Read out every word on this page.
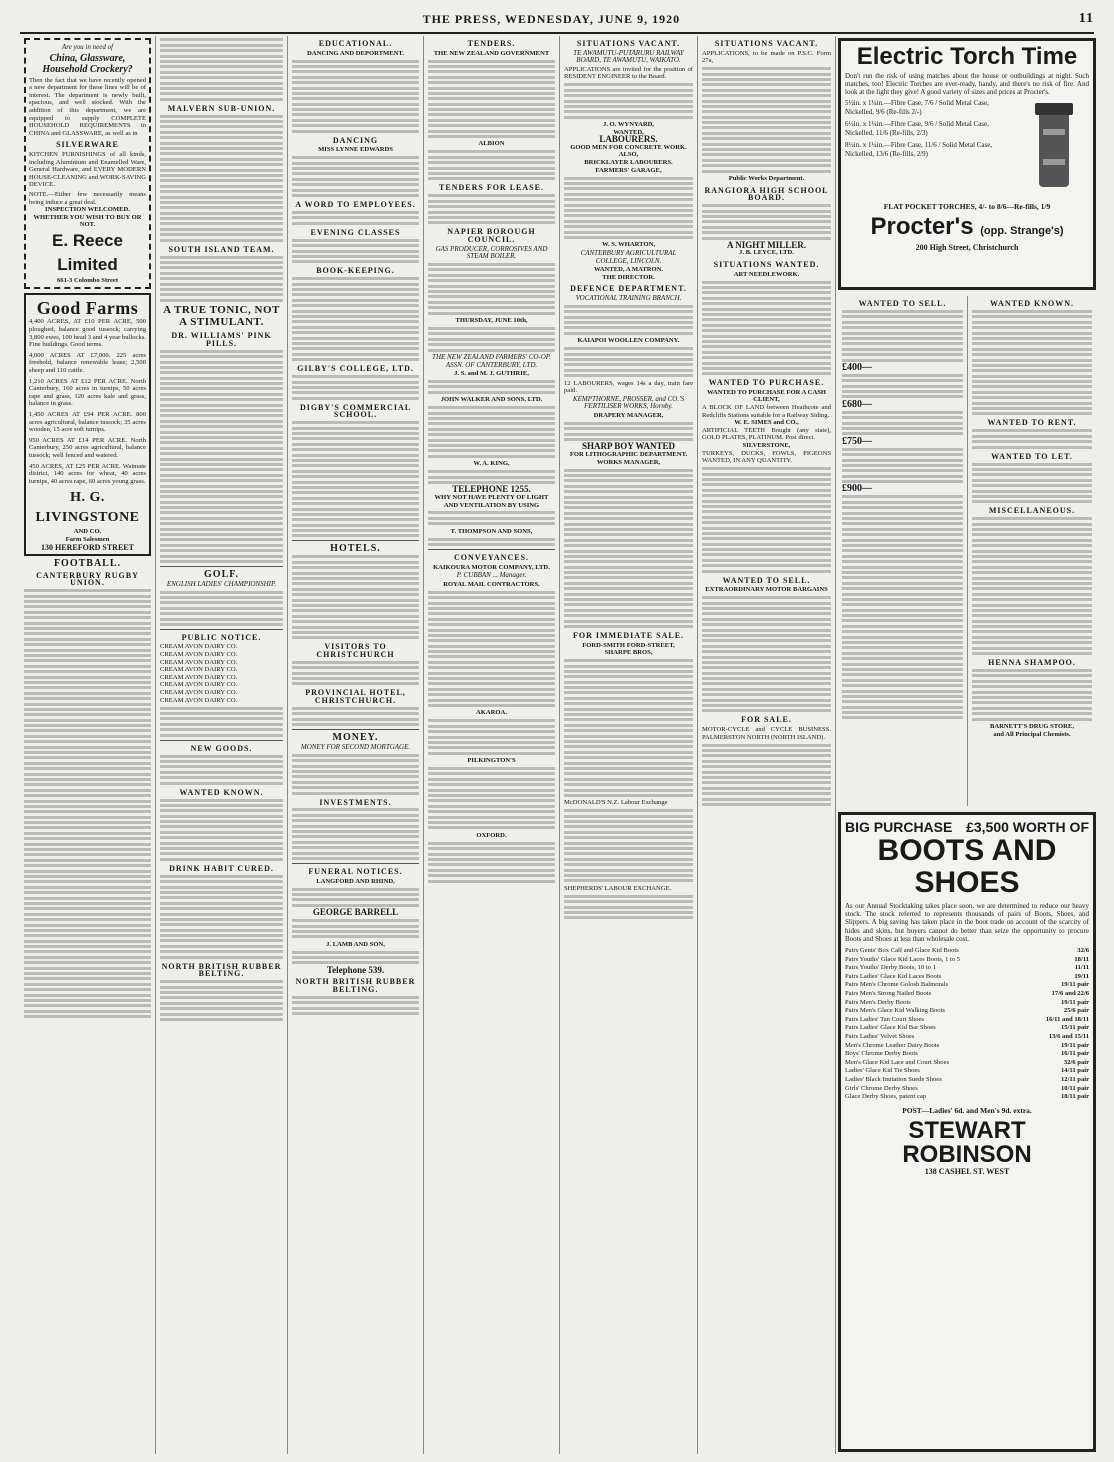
THE PRESS, WEDNESDAY, JUNE 9, 1920	11
Are you in need of
China, Glassware, Household Crockery?
Then the fact that we have recently opened a new department for these lines will be of interest. The department is newly built, spacious, and well stocked. With the addition of this department, we are equipped to supply COMPLETE HOUSEHOLD REQUIREMENTS in CHINA and GLASSWARE, as well as in
SILVERWARE
KITCHEN FURNISHINGS of all kinds, including Aluminium and Enamelled Ware, General Hardware, and EVERY MODERN HOUSE-CLEANING and WORK-SAVING DEVICE.
NOTE.—Either few necessarily means being induce a great deal.
INSPECTION WELCOMED. WHETHER YOU WISH TO BUY OR NOT.
E. Reece Limited
661-3 Colombo Street
Good Farms

4,400 ACRES, AT £10 PER ACRE, 500 ploughed, balance good tussock; carrying 3,800 ewes, 100 head 3 and 4 year bullocks. Fine buildings. Good terms.

4,000 ACRES AT £7,000. 225 acres freehold, balance renewable lease; 2,500 sheep and 110 cattle.

1,210 ACRES AT £12 PER ACRE. North Canterbury, 160 acres in turnips, 50 acres rape and grass, 120 acres kale and grass, balance in grass.

1,450 ACRES AT £94 PER ACRE. 800 acres agricultural, balance tussock; 35 acres wooden, 15 acre soft turnips.

950 ACRES AT £14 PER ACRE. North Canterbury, 250 acres agricultural, balance tussock; well fenced and watered.

450 ACRES, AT £25 PER ACRE. Waimate district, 140 acres for wheat, 40 acres turnips, 40 acres rape, 60 acres young grass.

H. G. LIVINGSTONE
AND CO.
Farm Salesmen
130 HEREFORD STREET
FOOTBALL.
CANTERBURY RUGBY UNION.
MALVERN SUB-UNION.
SOUTH ISLAND TEAM.
A TRUE TONIC, NOT A STIMULANT.
DR. WILLIAMS' PINK PILLS.
GOLF.
ENGLISH LADIES' CHAMPIONSHIP.
PUBLIC NOTICE.
CREAM AVON DAIRY CO.
CREAM AVON DAIRY CO.
CREAM AVON DAIRY CO.
CREAM AVON DAIRY CO.
CREAM AVON DAIRY CO.
CREAM AVON DAIRY CO.
CREAM AVON DAIRY CO.
CREAM AVON DAIRY CO.
NEW GOODS.
WANTED KNOWN.
DRINK HABIT CURED.
NORTH BRITISH RUBBER BELTING.
EDUCATIONAL.
DANCING AND DEPORTMENT.
DANCING
MISS LYNNE EDWARDS
A WORD TO EMPLOYEES.
EVENING CLASSES
BOOK-KEEPING.
GILBY'S COLLEGE, LTD.
DIGBY'S COMMERCIAL SCHOOL.
HOTELS.
VISITORS TO CHRISTCHURCH
PROVINCIAL HOTEL, CHRISTCHURCH.
MONEY.
MONEY FOR SECOND MORTGAGE.
INVESTMENTS.
FUNERAL NOTICES.
LANGFORD AND RHIND,
GEORGE BARRELL
J. LAMB AND SON,
Telephone 539.
NORTH BRITISH RUBBER BELTING.
TENDERS.
THE NEW ZEALAND GOVERNMENT
ALBION
TENDERS FOR LEASE.
NAPIER BOROUGH COUNCIL.
GAS PRODUCER, CORROSIVES AND STEAM BOILER.
THURSDAY, JUNE 10th,
THE NEW ZEALAND FARMERS' CO-OP. ASSN. OF CANTERBURY, LTD.
J. S. and M. J. GUTHRIE,
JOHN WALKER AND SONS, LTD.
W. A. KING,
TELEPHONE 1255.
WHY NOT HAVE PLENTY OF LIGHT AND VENTILATION BY USING
T. THOMPSON AND SONS,
CONVEYANCES.
KAIKOURA MOTOR COMPANY, LTD.
P. CUBBAN ... Manager.
ROYAL MAIL CONTRACTORS.
AKAROA.
PILKINGTON'S
OXFORD.
SITUATIONS VACANT.
TE AWAMUTU-PUTARURU RAILWAY BOARD, TE AWAMUTU, WAIKATO.
APPLICATIONS are invited for the position of RESIDENT ENGINEER to the Board.
J. O. WYNYARD,
WANTED,
LABOURERS.
GOOD MEN FOR CONCRETE WORK.
ALSO,
BRICKLAYER LABOURERS.
FARMERS' GARAGE,
W. S. WHARTON,
CANTERBURY AGRICULTURAL COLLEGE, LINCOLN.
WANTED, A MATRON.
THE DIRECTOR.
DEFENCE DEPARTMENT.
VOCATIONAL TRAINING BRANCH.
KAIAPOI WOOLLEN COMPANY.
12 LABOURERS, wages 14s a day, train fare paid.
KEMPTHORNE, PROSSER, and CO.'S FERTILISER WORKS, Hornby.
DRAPERY MANAGER,
SHARP BOY WANTED
FOR LITHOGRAPHIC DEPARTMENT.
WORKS MANAGER,
FOR IMMEDIATE SALE.
FORD-SMITH FORD-STREET,
SHARPE BROS,
McDONALD'S N.Z. Labour Exchange
SHEPHERDS' LABOUR EXCHANGE.
SITUATIONS VACANT.
APPLICATIONS, to be made on P.S.C. Form 27a,
Public Works Department.
RANGIORA HIGH SCHOOL BOARD.
A NIGHT MILLER.
J. B. LEYCE, LTD.
SITUATIONS WANTED.
ART NEEDLEWORK.
WANTED TO PURCHASE.
WANTED TO PURCHASE FOR A CASH CLIENT,
A BLOCK OF LAND between Heathcote and Redcliffs Stations suitable for a Railway Siding.
W. E. SIMES and CO.,
ARTIFICIAL TEETH Bought (any state), GOLD PLATES, PLATINUM. Post direct.
SILVERSTONE,
TURKEYS, DUCKS, FOWLS, PIGEONS WANTED, IN ANY QUANTITY.
WANTED TO SELL.
EXTRAORDINARY MOTOR BARGAINS
FOR SALE.
MOTOR-CYCLE and CYCLE BUSINESS. PALMERSTON NORTH (NORTH ISLAND).
Electric Torch Time
Don't run the risk of using matches about the house or outbuildings at night. Such matches, too! Electric Torches are ever-ready, handy, and there's no risk of fire. And look at the light they give! A good variety of sizes and prices at Procter's.
5½in. x 1¼in.—Fibre Case, 7/6 / Solid Metal Case, Nickelled, 9/6 (Re-fills 2/-)
6½in. x 1¼in.—Fibre Case, 9/6 / Solid Metal Case, Nickelled, 11/6 (Re-fills, 2/3)
8½in. x 1¼in.—Fibre Case, 11/6 / Solid Metal Case, Nickelled, 13/6 (Re-fills, 2/9)
FLAT POCKET TORCHES, 4/- to 8/6—Re-fills, 1/9
Procter's (opp. Strange's)
200 High Street, Christchurch
WANTED TO SELL.
£400—
£680—
£750—
£900—
WANTED KNOWN.
WANTED TO RENT.
WANTED TO LET.
MISCELLANEOUS.
HENNA SHAMPOO.
BARNETT'S DRUG STORE,
and All Principal Chemists.
BIG PURCHASE £3,500 WORTH OF
BOOTS AND SHOES
As our Annual Stocktaking takes place soon, we are determined to reduce our heavy stock. The stock referred to represents thousands of pairs of Boots, Shoes, and Slippers. A big saving has taken place in the boot trade on account of the scarcity of hides and skins, but buyers cannot do better than seize the opportunity to procure Boots and Shoes at less than wholesale cost.
Pairs Gents' Box Calf and Glace Kid Boots	32/6
Pairs Youths' Glace Kid Laces Boots, 1 to 5	18/11
Pairs Youths' Derby Boots, 10 to 1	11/11
Pairs Ladies' Glace Kid Laces Boots	19/11
Pairs Men's Chrome Golosh Balmorals	19/11 pair
Pairs Men's Strong Nailed Boots	17/6 and 22/6
Pairs Men's Derby Boots	19/11 pair
Pairs Men's Glace Kid Walking Boots	25/6 pair
Pairs Ladies' Tan Court Shoes	16/11 and 18/11
Pairs Ladies' Glace Kid Bar Shoes	15/11 pair
Pairs Ladies' Velvet Shoes	13/6 and 15/11
Men's Chrome Leather Dairy Boots	19/11 pair
Boys' Chrome Derby Boots	16/11 pair
Men's Glace Kid Lace and Court Shoes	32/6 pair
Ladies' Glace Kid Tie Shoes	14/11 pair
Ladies' Black Imitation Suede Shoes	12/11 pair
Girls' Chrome Derby Shoes	10/11 pair
Glace Derby Shoes, patent cap	18/11 pair
POST—Ladies' 6d. and Men's 9d. extra.
STEWART ROBINSON
138 CASHEL ST. WEST
